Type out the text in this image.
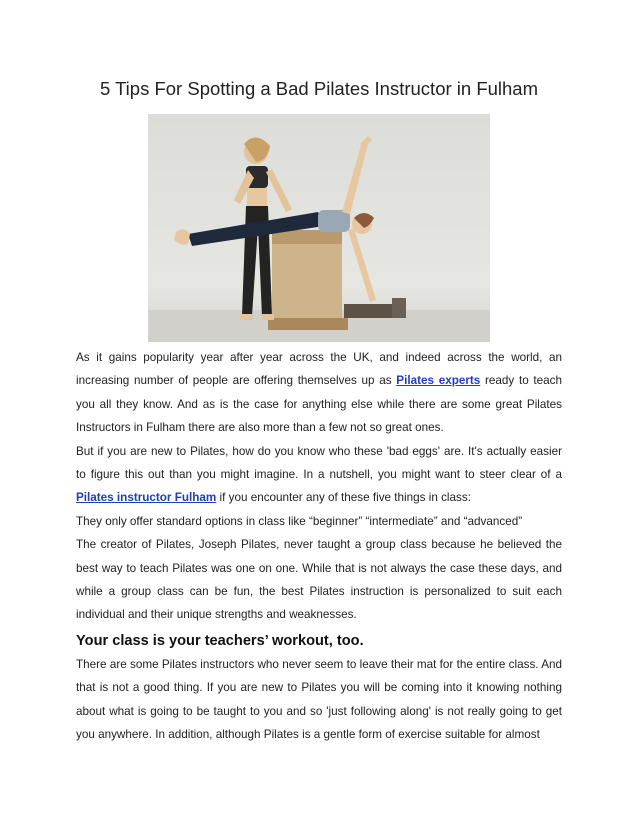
5 Tips For Spotting a Bad Pilates Instructor in Fulham

As it gains popularity year after year across the UK, and indeed across the world, an increasing number of people are offering themselves up as Pilates experts ready to teach you all they know. And as is the case for anything else while there are some great Pilates Instructors in Fulham there are also more than a few not so great ones.

But if you are new to Pilates, how do you know who these 'bad eggs' are. It's actually easier to figure this out than you might imagine. In a nutshell, you might want to steer clear of a Pilates instructor Fulham if you encounter any of these five things in class:

They only offer standard options in class like “beginner” “intermediate” and “advanced”

The creator of Pilates, Joseph Pilates, never taught a group class because he believed the best way to teach Pilates was one on one. While that is not always the case these days, and while a group class can be fun, the best Pilates instruction is personalized to suit each individual and their unique strengths and weaknesses.

Your class is your teachers’ workout, too.

There are some Pilates instructors who never seem to leave their mat for the entire class. And that is not a good thing. If you are new to Pilates you will be coming into it knowing nothing about what is going to be taught to you and so 'just following along' is not really going to get you anywhere. In addition, although Pilates is a gentle form of exercise suitable for almost
